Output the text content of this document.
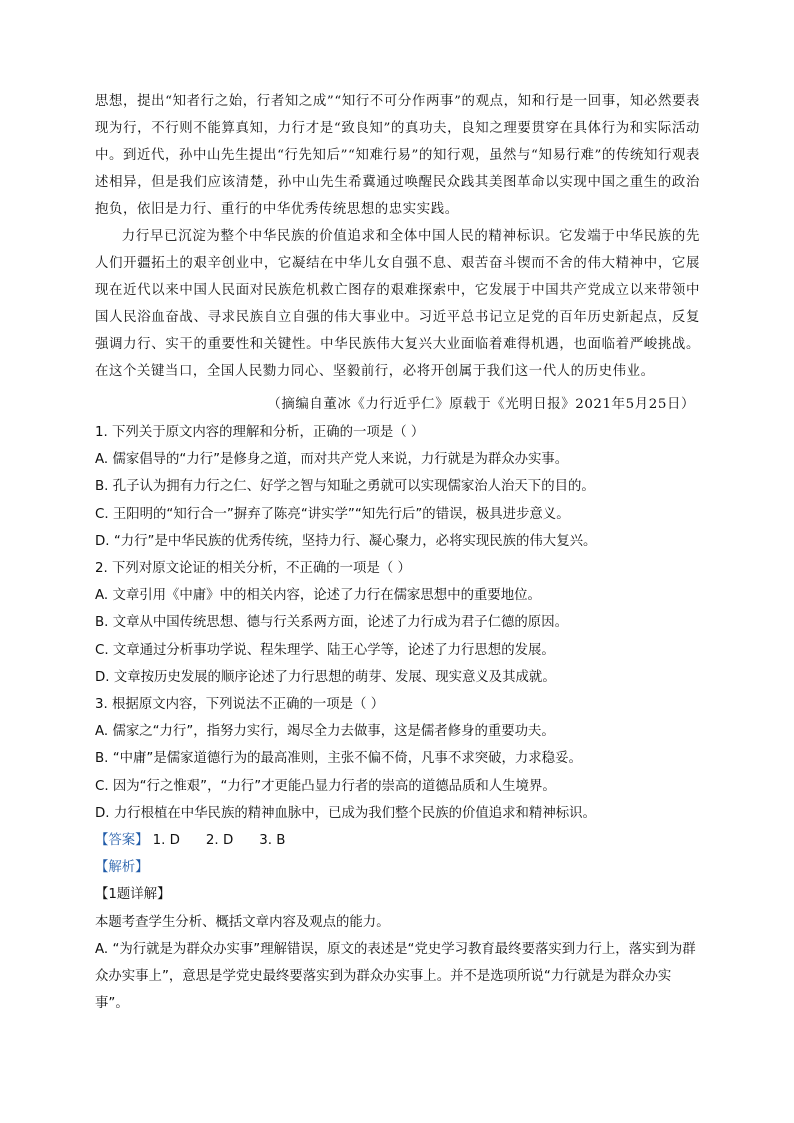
思想，提出“知者行之始，行者知之成”“知行不可分作两事”的观点，知和行是一回事，知必然要表现为行，不行则不能算真知，力行才是“致良知”的真功夫，良知之理要贯穿在具体行为和实际活动中。到近代，孙中山先生提出“行先知后”“知难行易”的知行观，虽然与“知易行难”的传统知行观表述相异，但是我们应该清楚，孙中山先生希冀通过唤醒民众践其美图革命以实现中国之重生的政治抱负，依旧是力行、重行的中华优秀传统思想的忠实实践。

力行早已沉淀为整个中华民族的价值追求和全体中国人民的精神标识。它发端于中华民族的先人们开疆拓土的艰辛创业中，它凝结在中华儿女自强不息、艰苦奋斗锲而不舍的伟大精神中，它展现在近代以来中国人民面对民族危机救亡图存的艰难探索中，它发展于中国共产党成立以来带领中国人民浴血奋战、寻求民族自立自强的伟大事业中。习近平总书记立足党的百年历史新起点，反复强调力行、实干的重要性和关键性。中华民族伟大复兴大业面临着难得机遇，也面临着严峻挑战。在这个关键当口，全国人民勠力同心、坚毅前行，必将开创属于我们这一代人的历史伟业。

（摘编自董冰《力行近乎仁》原载于《光明日报》2021年5月25日）
1. 下列关于原文内容的理解和分析，正确的一项是（ ）
A. 儒家倡导的“力行”是修身之道，而对共产党人来说，力行就是为群众办实事。
B. 孔子认为拥有力行之仁、好学之智与知耻之勇就可以实现儒家治人治天下的目的。
C. 王阳明的“知行合一”摒弃了陈亮“讲实学”“知先行后”的错误，极具进步意义。
D. “力行”是中华民族的优秀传统，坚持力行、凝心聚力，必将实现民族的伟大复兴。
2. 下列对原文论证的相关分析，不正确的一项是（ ）
A. 文章引用《中庸》中的相关内容，论述了力行在儒家思想中的重要地位。
B. 文章从中国传统思想、德与行关系两方面，论述了力行成为君子仁德的原因。
C. 文章通过分析事功学说、程朱理学、陆王心学等，论述了力行思想的发展。
D. 文章按历史发展的顺序论述了力行思想的萌芽、发展、现实意义及其成就。
3. 根据原文内容，下列说法不正确的一项是（ ）
A. 儒家之“力行”，指努力实行，竭尽全力去做事，这是儒者修身的重要功夫。
B. “中庸”是儒家道德行为的最高准则，主张不偏不倚，凡事不求突破，力求稳妥。
C. 因为“行之惟艰”，“力行”才更能凸显力行者的崇高的道德品质和人生境界。
D. 力行根植在中华民族的精神血脉中，已成为我们整个民族的价值追求和精神标识。
【答案】 1. D 2. D 3. B
【解析】
【1题详解】
本题考查学生分析、概括文章内容及观点的能力。
A. “为行就是为群众办实事”理解错误，原文的表述是“党史学习教育最终要落实到力行上，落实到为群众办实事上”，意思是学党史最终要落实到为群众办实事上。并不是选项所说“力行就是为群众办实事”。
